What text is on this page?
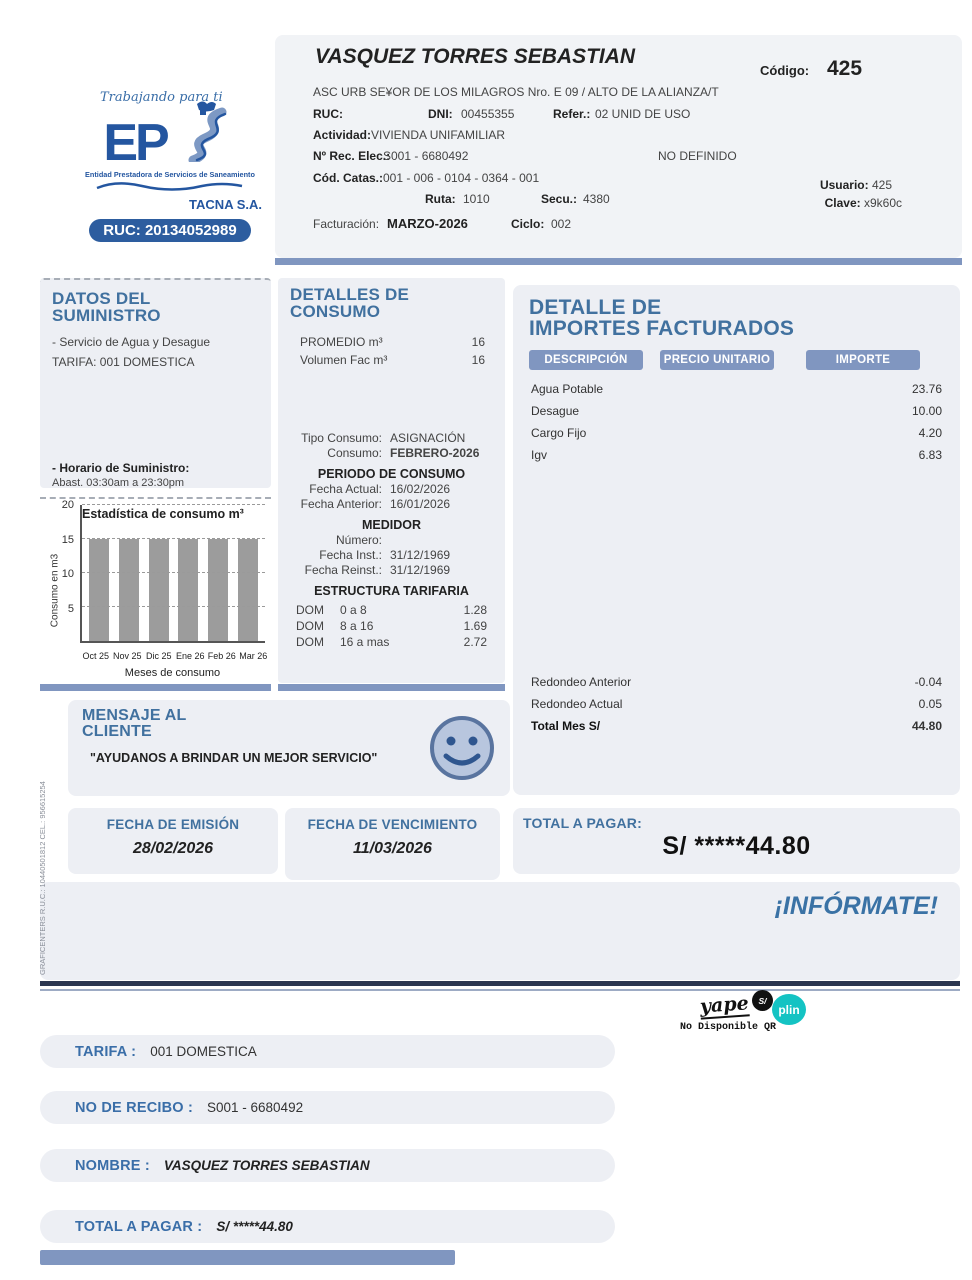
Trabajando para ti
EP
Entidad Prestadora de Servicios de Saneamiento
TACNA S.A.
RUC: 20134052989
VASQUEZ TORRES SEBASTIAN
Código: 425
ASC URB SE¥OR DE LOS MILAGROS Nro. E 09 / ALTO DE LA ALIANZA/T
RUC:	DNI: 00455355	Refer.: 02 UNID DE USO
Actividad: VIVIENDA UNIFAMILIAR
Nº Rec. Elec.:
S001 - 6680492	NO DEFINIDO
Cód. Catas.: 001 - 006 - 0104 - 0364 - 001
Ruta: 1010	Secu.: 4380
Usuario: 425
Clave: x9k60c
Facturación: MARZO-2026	Ciclo: 002
DATOS DEL
SUMINISTRO
- Servicio de Agua y Desague
TARIFA: 001 DOMESTICA
- Horario de Suministro:
Abast. 03:30am a 23:30pm
Consumo en m3 5
10
15
20
Estadística de consumo m³
Oct 25 Nov 25 Dic 25 Ene 26 Feb 26 Mar 26
Meses de consumo
DETALLES DE
CONSUMO
PROMEDIO m³	16
Volumen Fac m³	16
Tipo Consumo: ASIGNACIÓN
Consumo: FEBRERO-2026
PERIODO DE CONSUMO
Fecha Actual: 16/02/2026
Fecha Anterior: 16/01/2026
MEDIDOR
Número:
Fecha Inst.: 31/12/1969
Fecha Reinst.: 31/12/1969
ESTRUCTURA TARIFARIA
DOM	0 a 8	1.28
DOM	8 a 16	1.69
DOM	16 a mas	2.72
DETALLE DE
IMPORTES FACTURADOS
DESCRIPCIÓN	PRECIO UNITARIO	IMPORTE
Agua Potable	23.76
Desague	10.00
Cargo Fijo	4.20
Igv	6.83
Redondeo Anterior	-0.04
Redondeo Actual	0.05
Total Mes S/	44.80
MENSAJE AL
CLIENTE
"AYUDANOS A BRINDAR UN MEJOR SERVICIO"
FECHA DE EMISIÓN
28/02/2026
FECHA DE VENCIMIENTO
11/03/2026
TOTAL A PAGAR:
S/ *****44.80
¡INFÓRMATE!
yape	S/
plin
No Disponible QR
TARIFA : 001 DOMESTICA
NO DE RECIBO : S001 - 6680492
NOMBRE : VASQUEZ TORRES SEBASTIAN
TOTAL A PAGAR : S/ *****44.80
GRAFICENTERS R.U.C.: 10440501812 CEL.: 956615254
